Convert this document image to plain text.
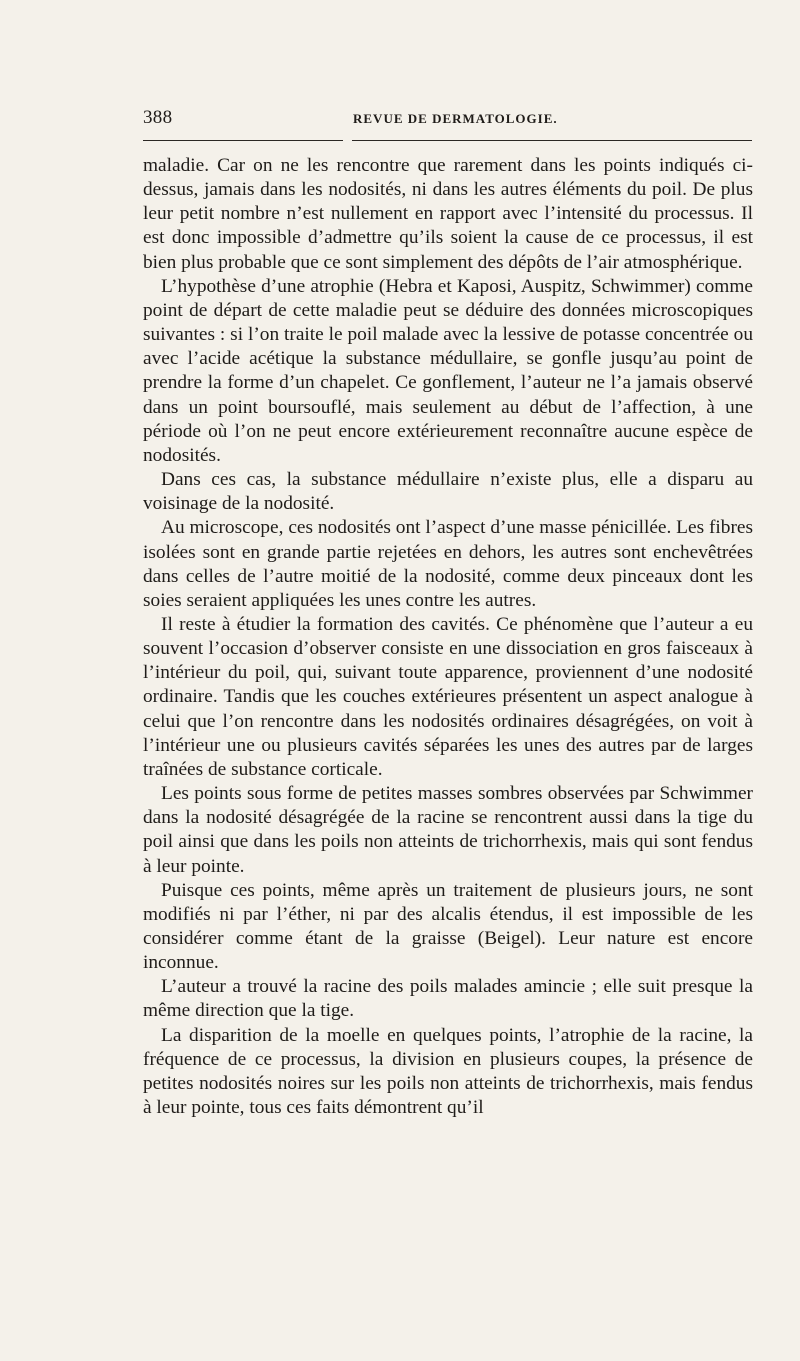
388	REVUE DE DERMATOLOGIE.

maladie. Car on ne les rencontre que rarement dans les points indiqués ci-dessus, jamais dans les nodosités, ni dans les autres éléments du poil. De plus leur petit nombre n’est nullement en rapport avec l’intensité du processus. Il est donc impossible d’admettre qu’ils soient la cause de ce processus, il est bien plus probable que ce sont simplement des dépôts de l’air atmosphérique.

L’hypothèse d’une atrophie (Hebra et Kaposi, Auspitz, Schwimmer) comme point de départ de cette maladie peut se déduire des données microscopiques suivantes : si l’on traite le poil malade avec la lessive de potasse concentrée ou avec l’acide acétique la substance médullaire, se gonfle jusqu’au point de prendre la forme d’un chapelet. Ce gonflement, l’auteur ne l’a jamais observé dans un point boursouflé, mais seulement au début de l’affection, à une période où l’on ne peut encore extérieurement reconnaître aucune espèce de nodosités.

Dans ces cas, la substance médullaire n’existe plus, elle a disparu au voisinage de la nodosité.

Au microscope, ces nodosités ont l’aspect d’une masse pénicillée. Les fibres isolées sont en grande partie rejetées en dehors, les autres sont enchevêtrées dans celles de l’autre moitié de la nodosité, comme deux pinceaux dont les soies seraient appliquées les unes contre les autres.

Il reste à étudier la formation des cavités. Ce phénomène que l’auteur a eu souvent l’occasion d’observer consiste en une dissociation en gros faisceaux à l’intérieur du poil, qui, suivant toute apparence, proviennent d’une nodosité ordinaire. Tandis que les couches extérieures présentent un aspect analogue à celui que l’on rencontre dans les nodosités ordinaires désagrégées, on voit à l’intérieur une ou plusieurs cavités séparées les unes des autres par de larges traînées de substance corticale.

Les points sous forme de petites masses sombres observées par Schwimmer dans la nodosité désagrégée de la racine se rencontrent aussi dans la tige du poil ainsi que dans les poils non atteints de trichorrhexis, mais qui sont fendus à leur pointe.

Puisque ces points, même après un traitement de plusieurs jours, ne sont modifiés ni par l’éther, ni par des alcalis étendus, il est impossible de les considérer comme étant de la graisse (Beigel). Leur nature est encore inconnue.

L’auteur a trouvé la racine des poils malades amincie ; elle suit presque la même direction que la tige.

La disparition de la moelle en quelques points, l’atrophie de la racine, la fréquence de ce processus, la division en plusieurs coupes, la présence de petites nodosités noires sur les poils non atteints de trichorrhexis, mais fendus à leur pointe, tous ces faits démontrent qu’il
